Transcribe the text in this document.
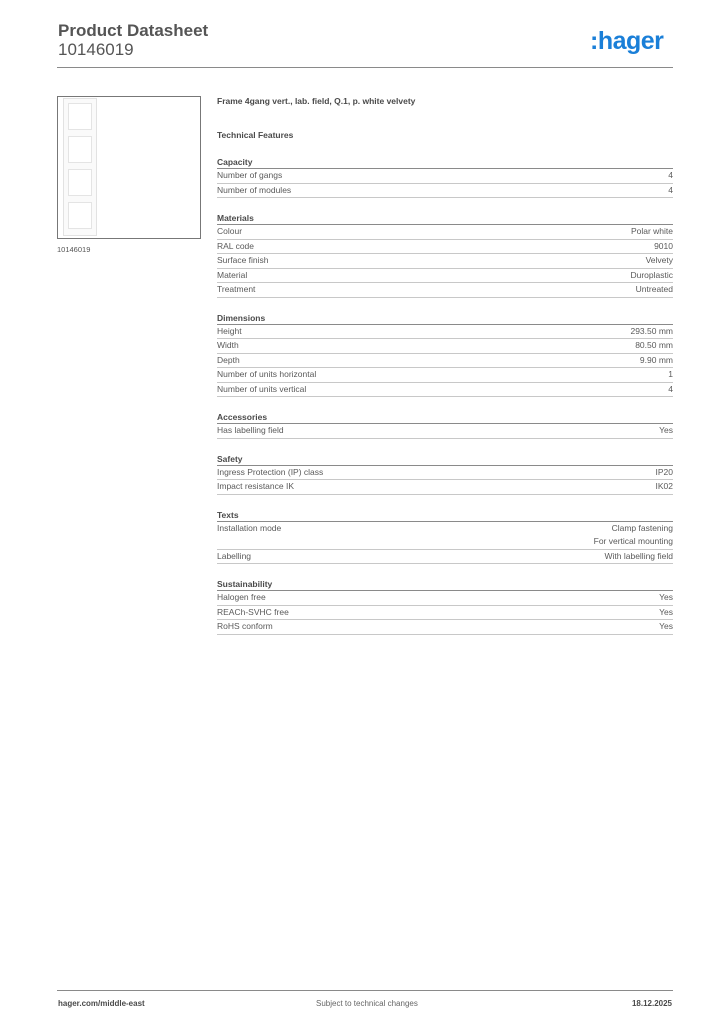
Product Datasheet
10146019	:hager
10146019
Frame 4gang vert., lab. field, Q.1, p. white velvety
Technical Features
Capacity
Number of gangs	4
Number of modules	4
Materials
Colour	Polar white
RAL code	9010
Surface finish	Velvety
Material	Duroplastic
Treatment	Untreated
Dimensions
Height	293.50 mm
Width	80.50 mm
Depth	9.90 mm
Number of units horizontal	1
Number of units vertical	4
Accessories
Has labelling field	Yes
Safety
Ingress Protection (IP) class	IP20
Impact resistance IK	IK02
Texts
Installation mode	Clamp fastening
For vertical mounting
Labelling	With labelling field
Sustainability
Halogen free	Yes
REACh-SVHC free	Yes
RoHS conform	Yes
hager.com/middle-east	Subject to technical changes	18.12.2025
